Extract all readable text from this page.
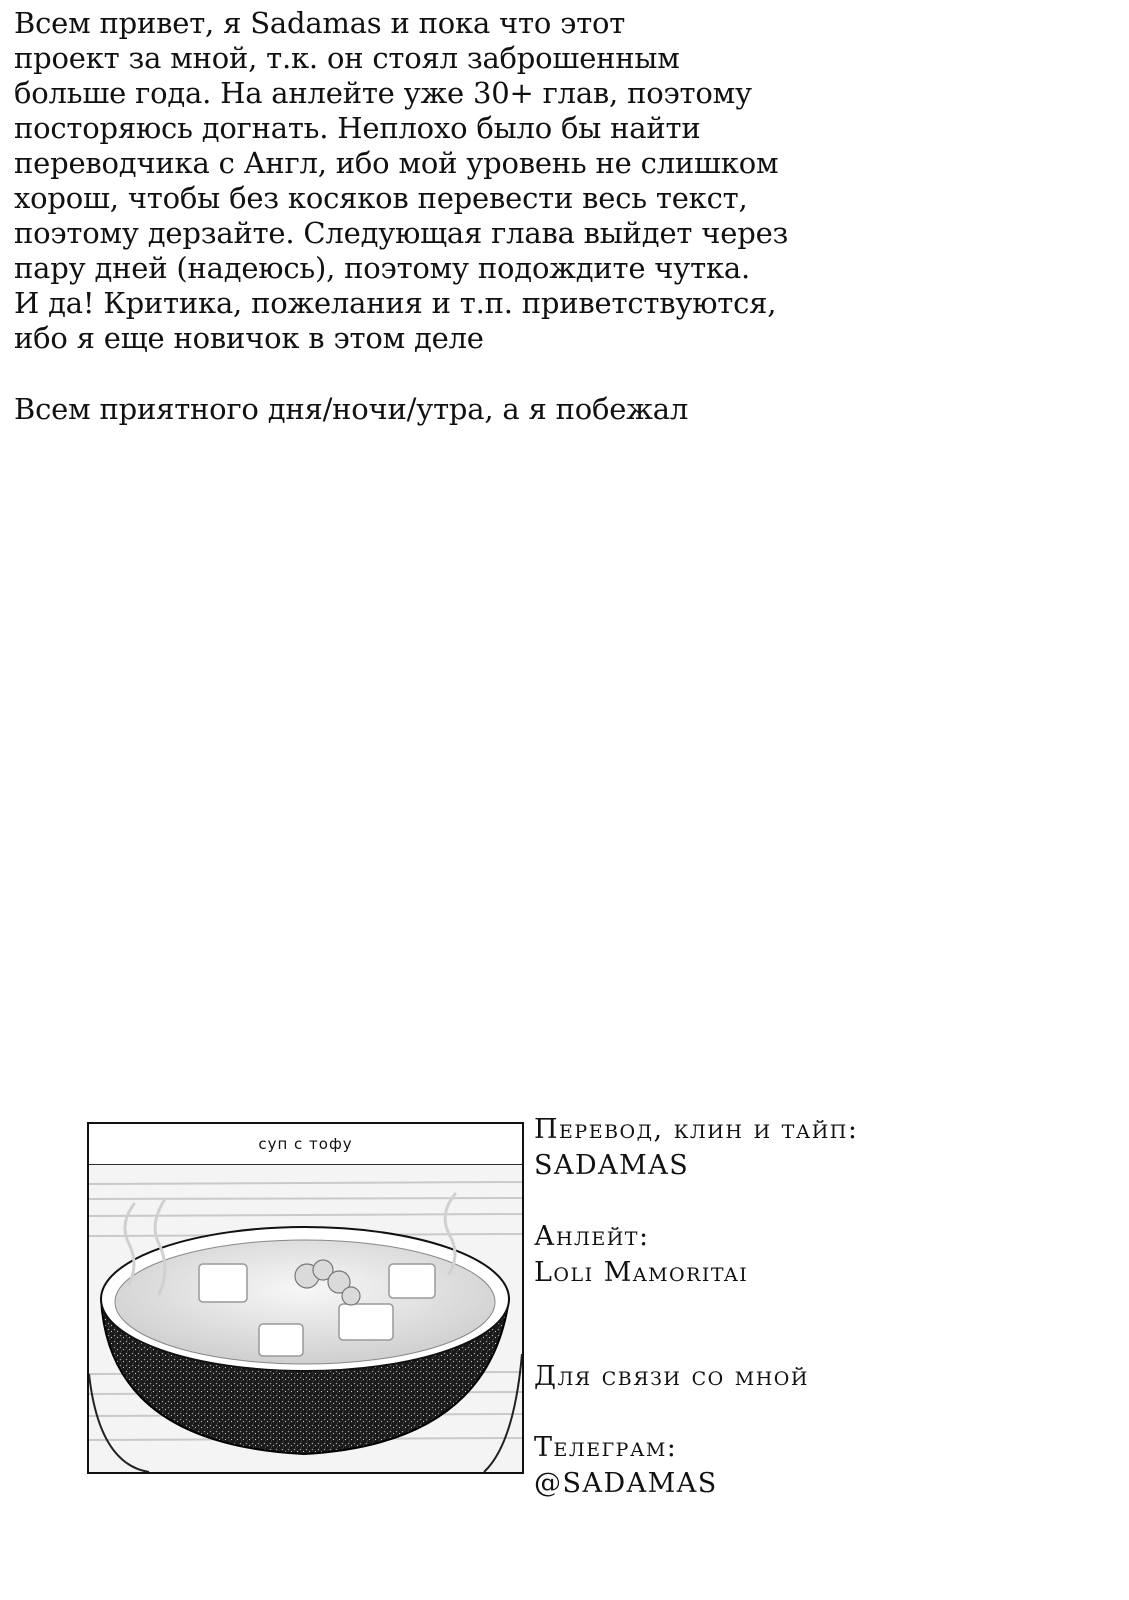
Всем привет, я Sadamas и пока что этот
проект за мной, т.к. он стоял заброшенным
больше года. На анлейте уже 30+ глав, поэтому
посторяюсь догнать. Неплохо было бы найти
переводчика с Англ, ибо мой уровень не слишком
хорош, чтобы без косяков перевести весь текст,
поэтому дерзайте. Следующая глава выйдет через
пару дней (надеюсь), поэтому подождите чутка.
И да! Критика, пожелания и т.п. приветствуются,
ибо я еще новичок в этом деле
Всем приятного дня/ночи/утра, а я побежал
суп с тофу	Перевод, клин и тайп:
SADAMAS
Анлейт:
Loli Mamoritai
Для связи со мной
Телеграм:
@SADAMAS
